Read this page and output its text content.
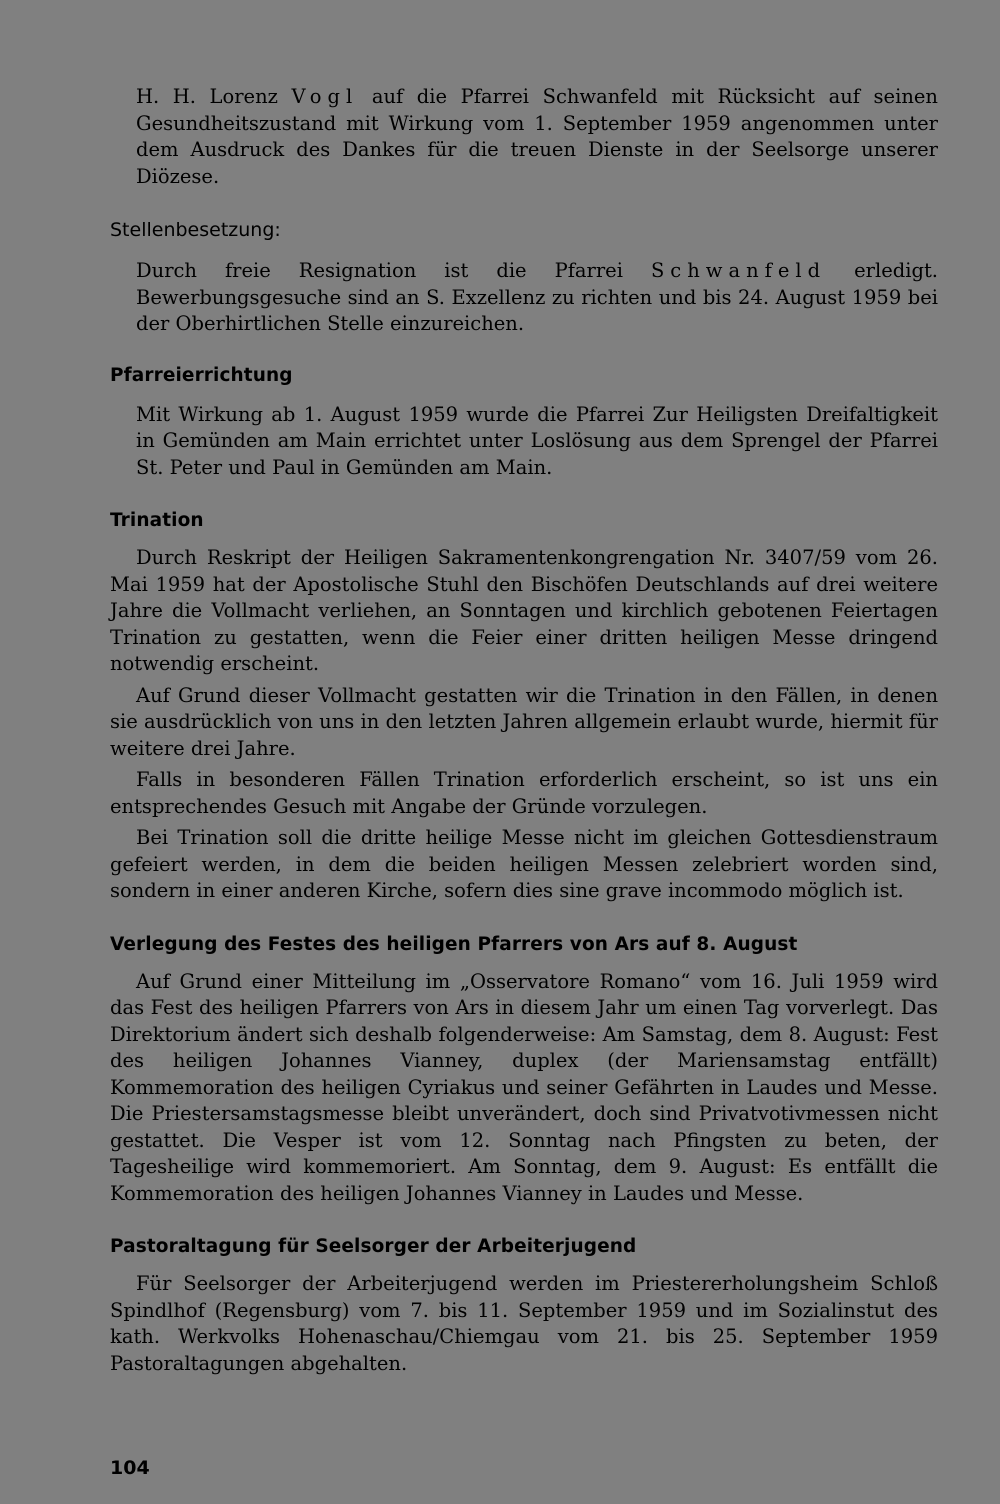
H. H. Lorenz Vogl auf die Pfarrei Schwanfeld mit Rücksicht auf seinen Gesundheitszustand mit Wirkung vom 1. September 1959 angenommen unter dem Ausdruck des Dankes für die treuen Dienste in der Seelsorge unserer Diözese.

Stellenbesetzung:

Durch freie Resignation ist die Pfarrei Schwanfeld erledigt. Bewerbungsgesuche sind an S. Exzellenz zu richten und bis 24. August 1959 bei der Oberhirtlichen Stelle einzureichen.

Pfarreierrichtung

Mit Wirkung ab 1. August 1959 wurde die Pfarrei Zur Heiligsten Dreifaltigkeit in Gemünden am Main errichtet unter Loslösung aus dem Sprengel der Pfarrei St. Peter und Paul in Gemünden am Main.

Trination

Durch Reskript der Heiligen Sakramentenkongrengation Nr. 3407/59 vom 26. Mai 1959 hat der Apostolische Stuhl den Bischöfen Deutschlands auf drei weitere Jahre die Vollmacht verliehen, an Sonntagen und kirchlich gebotenen Feiertagen Trination zu gestatten, wenn die Feier einer dritten heiligen Messe dringend notwendig erscheint.

Auf Grund dieser Vollmacht gestatten wir die Trination in den Fällen, in denen sie ausdrücklich von uns in den letzten Jahren allgemein erlaubt wurde, hiermit für weitere drei Jahre.

Falls in besonderen Fällen Trination erforderlich erscheint, so ist uns ein entsprechendes Gesuch mit Angabe der Gründe vorzulegen.

Bei Trination soll die dritte heilige Messe nicht im gleichen Gottesdienstraum gefeiert werden, in dem die beiden heiligen Messen zelebriert worden sind, sondern in einer anderen Kirche, sofern dies sine grave incommodo möglich ist.

Verlegung des Festes des heiligen Pfarrers von Ars auf 8. August

Auf Grund einer Mitteilung im „Osservatore Romano“ vom 16. Juli 1959 wird das Fest des heiligen Pfarrers von Ars in diesem Jahr um einen Tag vorverlegt. Das Direktorium ändert sich deshalb folgenderweise: Am Samstag, dem 8. August: Fest des heiligen Johannes Vianney, duplex (der Mariensamstag entfällt) Kommemoration des heiligen Cyriakus und seiner Gefährten in Laudes und Messe. Die Priestersamstagsmesse bleibt unverändert, doch sind Privatvotivmessen nicht gestattet. Die Vesper ist vom 12. Sonntag nach Pfingsten zu beten, der Tagesheilige wird kommemoriert. Am Sonntag, dem 9. August: Es entfällt die Kommemoration des heiligen Johannes Vianney in Laudes und Messe.

Pastoraltagung für Seelsorger der Arbeiterjugend

Für Seelsorger der Arbeiterjugend werden im Priestererholungsheim Schloß Spindlhof (Regensburg) vom 7. bis 11. September 1959 und im Sozialinstut des kath. Werkvolks Hohenaschau/Chiemgau vom 21. bis 25. September 1959 Pastoraltagungen abgehalten.

104
